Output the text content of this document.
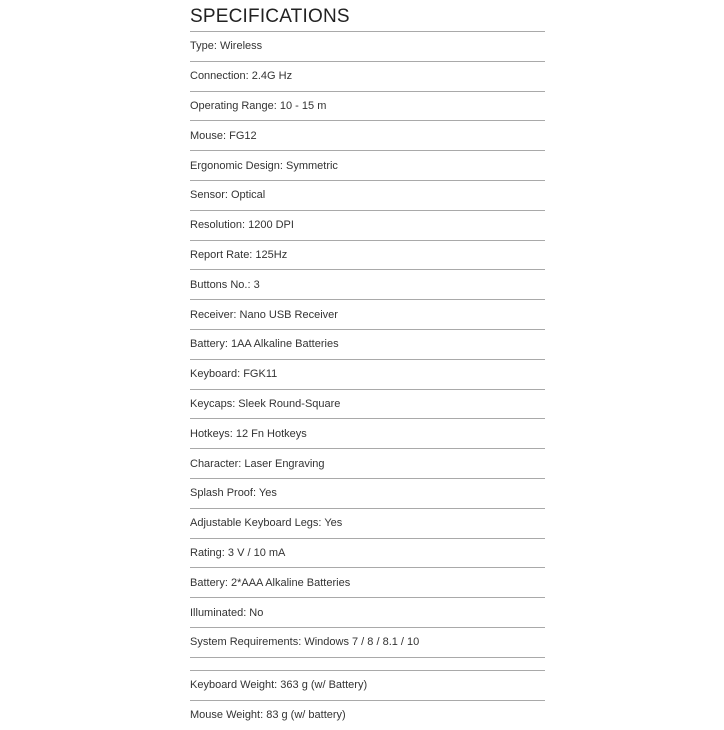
SPECIFICATIONS
Type: Wireless
Connection: 2.4G Hz
Operating Range: 10 - 15 m
Mouse: FG12
Ergonomic Design: Symmetric
Sensor: Optical
Resolution: 1200 DPI
Report Rate: 125Hz
Buttons No.: 3
Receiver: Nano USB Receiver
Battery: 1AA Alkaline Batteries
Keyboard: FGK11
Keycaps: Sleek Round-Square
Hotkeys: 12 Fn Hotkeys
Character: Laser Engraving
Splash Proof: Yes
Adjustable Keyboard Legs: Yes
Rating: 3 V / 10 mA
Battery: 2*AAA Alkaline Batteries
Illuminated: No
System Requirements: Windows 7 / 8 / 8.1 / 10
Keyboard Weight: 363 g (w/ Battery)
Mouse Weight: 83 g (w/ battery)
